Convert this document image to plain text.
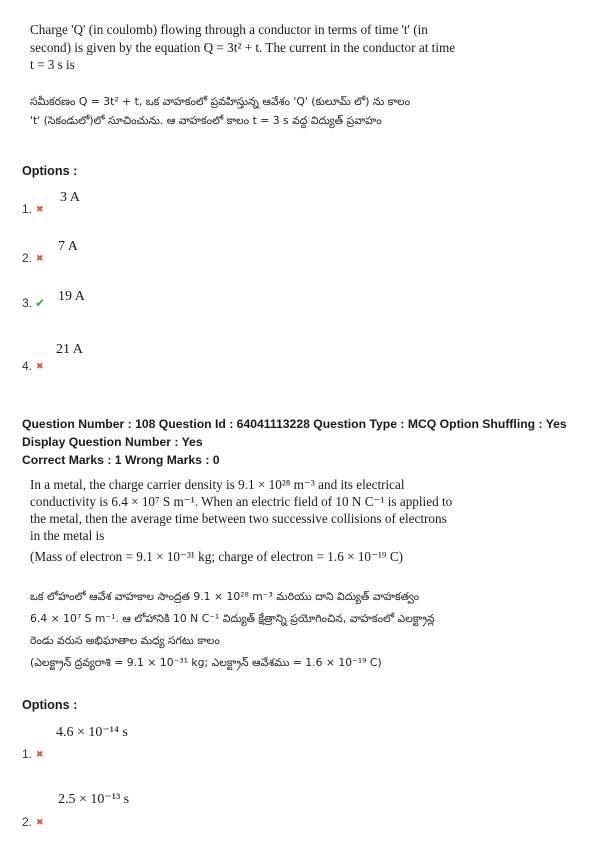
Charge 'Q' (in coulomb) flowing through a conductor in terms of time 't' (in
second) is given by the equation Q = 3t² + t. The current in the conductor at time
t = 3 s is
సమీకరణం Q = 3t² + t, ఒక వాహకంలో ప్రవహిస్తున్న ఆవేశం 'Q' (కులూమ్ లో) ను కాలం
't' (సెకండులో)లో సూచించును. ఆ వాహకంలో కాలం t = 3 s వద్ద విద్యుత్ ప్రవాహం
Options :
1. ✖
3 A
2. ✖
7 A
3. ✔ 19 A
4. ✖
21 A
Question Number : 108 Question Id : 64041113228 Question Type : MCQ Option Shuffling : Yes
Display Question Number : Yes
Correct Marks : 1 Wrong Marks : 0
In a metal, the charge carrier density is 9.1 × 10²⁸ m⁻³ and its electrical
conductivity is 6.4 × 10⁷ S m⁻¹. When an electric field of 10 N C⁻¹ is applied to
the metal, then the average time between two successive collisions of electrons
in the metal is
(Mass of electron = 9.1 × 10⁻³¹ kg; charge of electron = 1.6 × 10⁻¹⁹ C)
ఒక లోహంలో ఆవేశ వాహకాల సాంద్రత 9.1 × 10²⁸ m⁻³ మరియు దాని విద్యుత్ వాహకత్వం
6.4 × 10⁷ S m⁻¹. ఆ లోహానికి 10 N C⁻¹ విద్యుత్ క్షేత్రాన్ని ప్రయోగించిన, వాహకంలో ఎలక్ట్రాన్ల
రెండు వరుస అభిఘాతాల మధ్య సగటు కాలం
(ఎలక్ట్రాన్ ద్రవ్యరాశి = 9.1 × 10⁻³¹ kg; ఎలక్ట్రాన్ ఆవేశము = 1.6 × 10⁻¹⁹ C)
Options :
4.6 × 10⁻¹⁴ s
1. ✖
2.5 × 10⁻¹³ s
2. ✖
